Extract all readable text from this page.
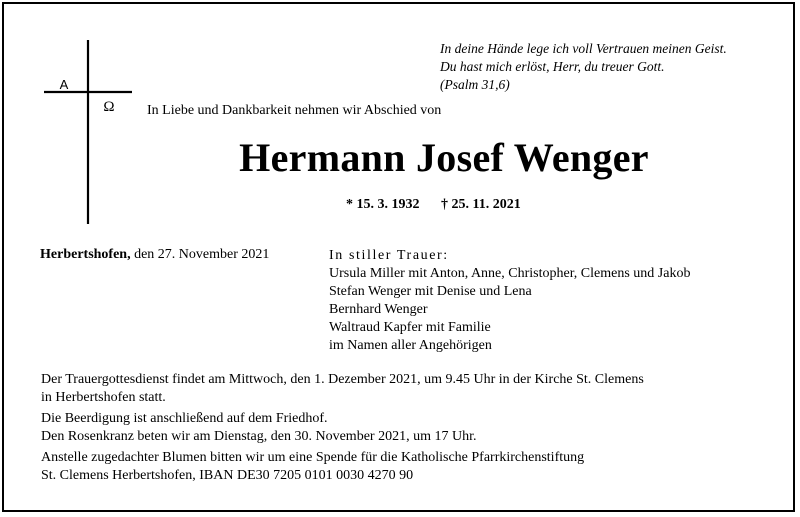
A
Ω
In deine Hände lege ich voll Vertrauen meinen Geist.
Du hast mich erlöst, Herr, du treuer Gott.
(Psalm 31,6)
In Liebe und Dankbarkeit nehmen wir Abschied von
Hermann Josef Wenger
* 15. 3. 1932 † 25. 11. 2021
Herbertshofen, den 27. November 2021	In stiller Trauer:
Ursula Miller mit Anton, Anne, Christopher, Clemens und Jakob
Stefan Wenger mit Denise und Lena
Bernhard Wenger
Waltraud Kapfer mit Familie
im Namen aller Angehörigen
Der Trauergottesdienst findet am Mittwoch, den 1. Dezember 2021, um 9.45 Uhr in der Kirche St. Clemens
in Herbertshofen statt.
Die Beerdigung ist anschließend auf dem Friedhof.
Den Rosenkranz beten wir am Dienstag, den 30. November 2021, um 17 Uhr.
Anstelle zugedachter Blumen bitten wir um eine Spende für die Katholische Pfarrkirchenstiftung
St. Clemens Herbertshofen, IBAN DE30 7205 0101 0030 4270 90
